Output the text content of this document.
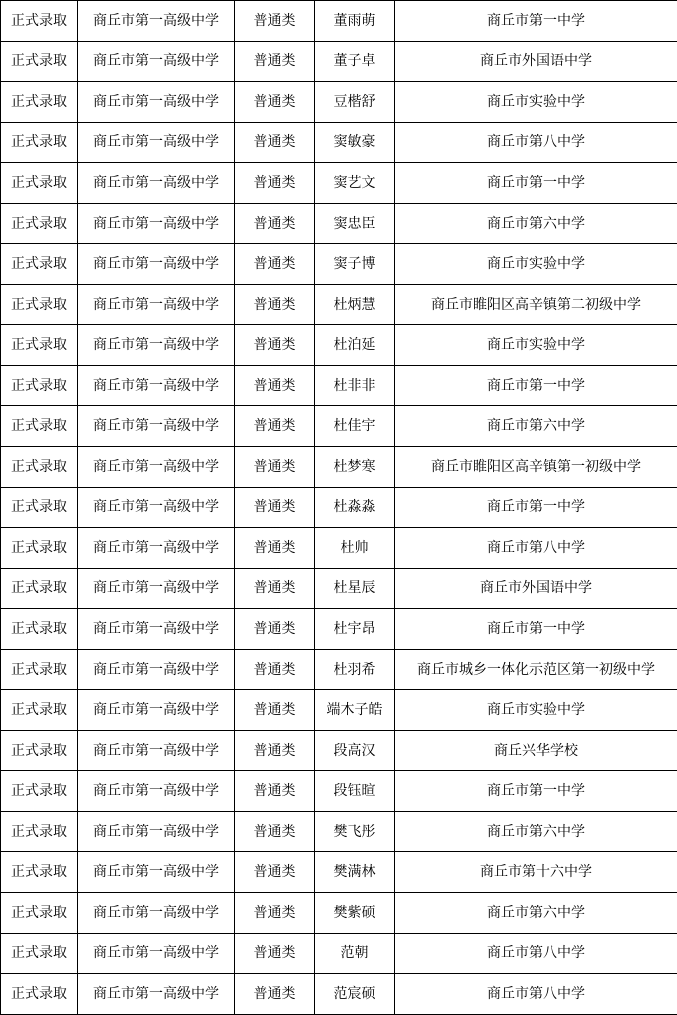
正式录取	商丘市第一高级中学	普通类	董雨萌	商丘市第一中学
正式录取	商丘市第一高级中学	普通类	董子卓	商丘市外国语中学
正式录取	商丘市第一高级中学	普通类	豆楷舒	商丘市实验中学
正式录取	商丘市第一高级中学	普通类	窦敏豪	商丘市第八中学
正式录取	商丘市第一高级中学	普通类	窦艺文	商丘市第一中学
正式录取	商丘市第一高级中学	普通类	窦忠臣	商丘市第六中学
正式录取	商丘市第一高级中学	普通类	窦子博	商丘市实验中学
正式录取	商丘市第一高级中学	普通类	杜炳慧	商丘市睢阳区高辛镇第二初级中学
正式录取	商丘市第一高级中学	普通类	杜泊延	商丘市实验中学
正式录取	商丘市第一高级中学	普通类	杜非非	商丘市第一中学
正式录取	商丘市第一高级中学	普通类	杜佳宇	商丘市第六中学
正式录取	商丘市第一高级中学	普通类	杜梦寒	商丘市睢阳区高辛镇第一初级中学
正式录取	商丘市第一高级中学	普通类	杜淼淼	商丘市第一中学
正式录取	商丘市第一高级中学	普通类	杜帅	商丘市第八中学
正式录取	商丘市第一高级中学	普通类	杜星辰	商丘市外国语中学
正式录取	商丘市第一高级中学	普通类	杜宇昂	商丘市第一中学
正式录取	商丘市第一高级中学	普通类	杜羽希	商丘市城乡一体化示范区第一初级中学
正式录取	商丘市第一高级中学	普通类	端木子皓	商丘市实验中学
正式录取	商丘市第一高级中学	普通类	段高汉	商丘兴华学校
正式录取	商丘市第一高级中学	普通类	段钰暄	商丘市第一中学
正式录取	商丘市第一高级中学	普通类	樊飞彤	商丘市第六中学
正式录取	商丘市第一高级中学	普通类	樊满林	商丘市第十六中学
正式录取	商丘市第一高级中学	普通类	樊紫硕	商丘市第六中学
正式录取	商丘市第一高级中学	普通类	范朝	商丘市第八中学
正式录取	商丘市第一高级中学	普通类	范宸硕	商丘市第八中学
